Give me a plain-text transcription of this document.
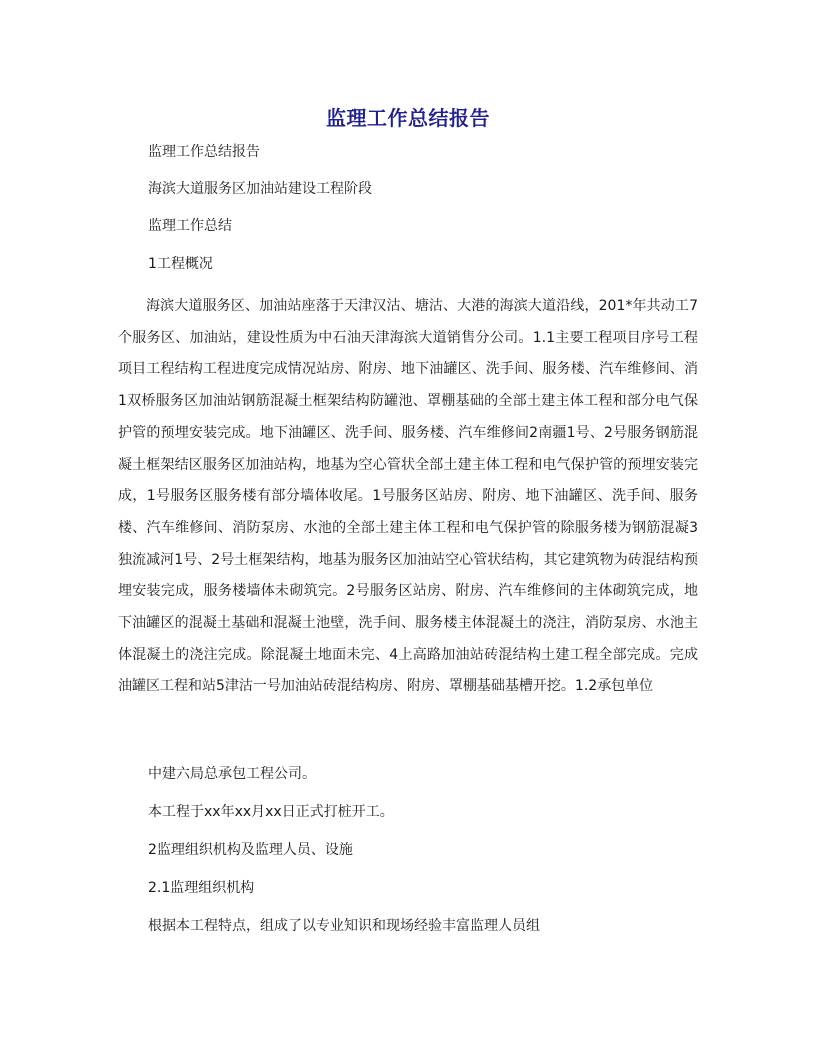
监理工作总结报告
监理工作总结报告
海滨大道服务区加油站建设工程阶段
监理工作总结
1工程概况

海滨大道服务区、加油站座落于天津汉沽、塘沽、大港的海滨大道沿线，201*年共动工7个服务区、加油站，建设性质为中石油天津海滨大道销售分公司。1.1主要工程项目序号工程项目工程结构工程进度完成情况站房、附房、地下油罐区、洗手间、服务楼、汽车维修间、消1双桥服务区加油站钢筋混凝土框架结构防罐池、罩棚基础的全部土建主体工程和部分电气保护管的预埋安装完成。地下油罐区、洗手间、服务楼、汽车维修间2南疆1号、2号服务钢筋混凝土框架结区服务区加油站构，地基为空心管状全部土建主体工程和电气保护管的预埋安装完成，1号服务区服务楼有部分墙体收尾。1号服务区站房、附房、地下油罐区、洗手间、服务楼、汽车维修间、消防泵房、水池的全部土建主体工程和电气保护管的除服务楼为钢筋混凝3独流减河1号、2号土框架结构，地基为服务区加油站空心管状结构，其它建筑物为砖混结构预埋安装完成，服务楼墙体未砌筑完。2号服务区站房、附房、汽车维修间的主体砌筑完成，地下油罐区的混凝土基础和混凝土池壁，洗手间、服务楼主体混凝土的浇注，消防泵房、水池主体混凝土的浇注完成。除混凝土地面未完、4上高路加油站砖混结构土建工程全部完成。完成油罐区工程和站5津沽一号加油站砖混结构房、附房、罩棚基础基槽开挖。1.2承包单位

中建六局总承包工程公司。
本工程于xx年xx月xx日正式打桩开工。
2监理组织机构及监理人员、设施
2.1监理组织机构
根据本工程特点，组成了以专业知识和现场经验丰富监理人员组
